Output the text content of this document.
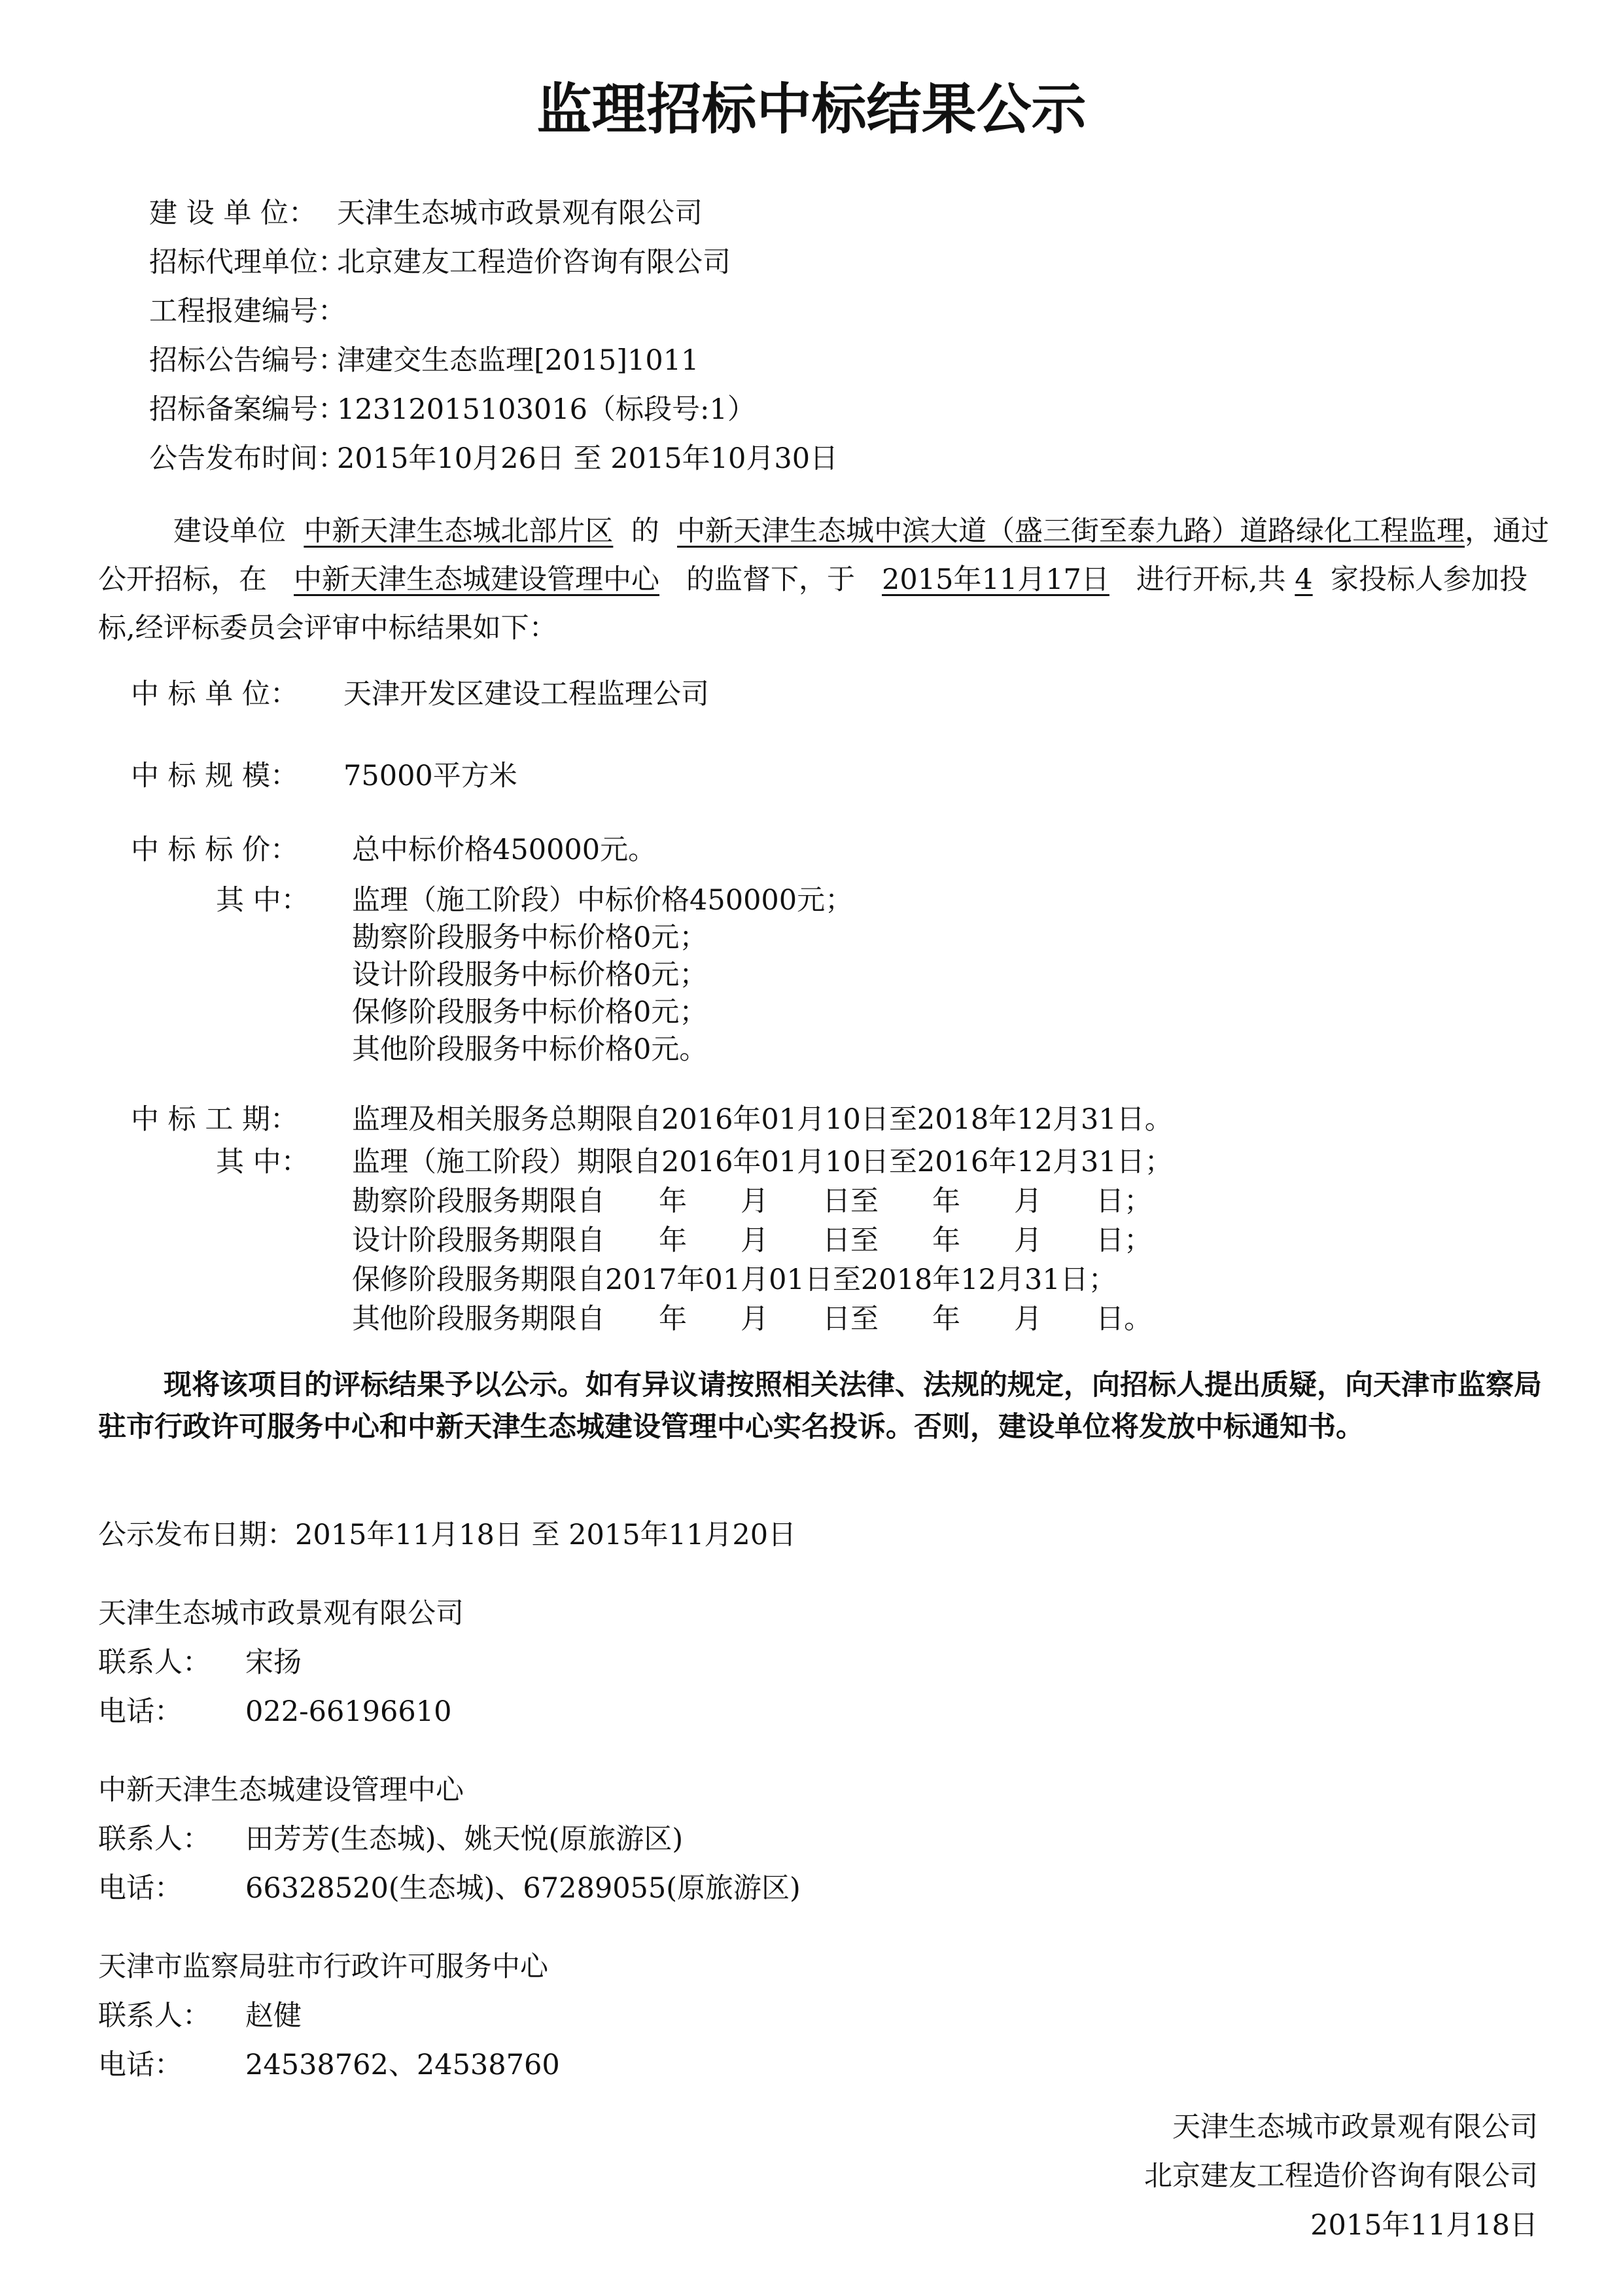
监理招标中标结果公示
建 设 单 位： 天津生态城市政景观有限公司
招标代理单位：
北京建友工程造价咨询有限公司
工程报建编号：
招标公告编号：
津建交生态监理[2015]1011
招标备案编号：
12312015103016（标段号:1）
公告发布时间：
2015年10月26日 至 2015年10月30日
建设单位 中新天津生态城北部片区 的 中新天津生态城中滨大道（盛三街至泰九路）道路绿化工程监理，通过公开招标，在 中新天津生态城建设管理中心 的监督下，于 2015年11月17日 进行开标,共 4 家投标人参加投标,经评标委员会评审中标结果如下：
中 标 单 位： 天津开发区建设工程监理公司
中 标 规 模： 75000平方米
中 标 标 价： 总中标价格450000元。
其 中： 监理（施工阶段）中标价格450000元；
勘察阶段服务中标价格0元；
设计阶段服务中标价格0元；
保修阶段服务中标价格0元；
其他阶段服务中标价格0元。
中 标 工 期： 监理及相关服务总期限自2016年01月10日至2018年12月31日。
其 中： 监理（施工阶段）期限自2016年01月10日至2016年12月31日；
勘察阶段服务期限自      年      月      日至      年      月      日；
设计阶段服务期限自      年      月      日至      年      月      日；
保修阶段服务期限自2017年01月01日至2018年12月31日；
其他阶段服务期限自      年      月      日至      年      月      日。
现将该项目的评标结果予以公示。如有异议请按照相关法律、法规的规定，向招标人提出质疑，向天津市监察局驻市行政许可服务中心和中新天津生态城建设管理中心实名投诉。否则，建设单位将发放中标通知书。
公示发布日期：2015年11月18日 至 2015年11月20日
天津生态城市政景观有限公司
联系人： 宋扬
电话： 022-66196610
中新天津生态城建设管理中心
联系人： 田芳芳(生态城)、姚天悦(原旅游区)
电话： 66328520(生态城)、67289055(原旅游区)
天津市监察局驻市行政许可服务中心
联系人： 赵健
电话： 24538762、24538760
天津生态城市政景观有限公司
北京建友工程造价咨询有限公司
2015年11月18日
